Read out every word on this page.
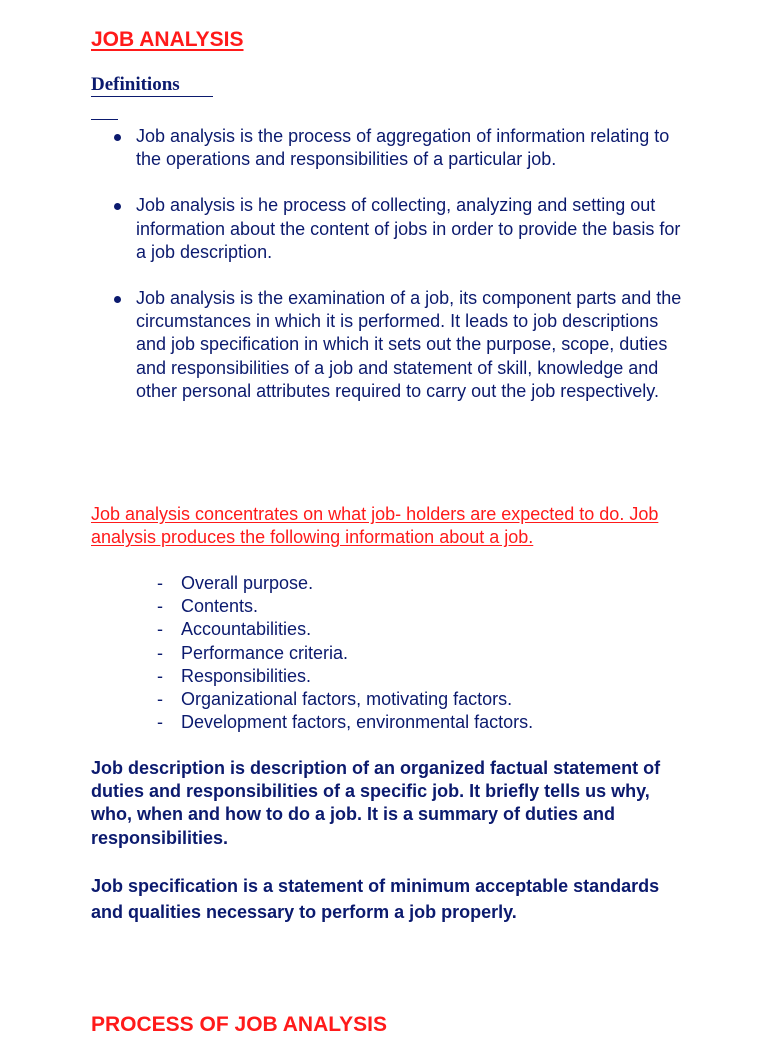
JOB ANALYSIS
Definitions
Job analysis is the process of aggregation of information relating to the operations and responsibilities of a particular job.
Job analysis is he process of collecting, analyzing and setting out information about the content of jobs in order to provide the basis for a job description.
Job analysis is the examination of a job, its component parts and the circumstances in which it is performed. It leads to job descriptions and job specification in which it sets out the purpose, scope, duties and responsibilities of a job and statement of skill, knowledge and other personal attributes required to carry out the job respectively.

Job analysis concentrates on what job- holders are expected to do. Job analysis produces the following information about a job.

- Overall purpose.
- Contents.
- Accountabilities.
- Performance criteria.
- Responsibilities.
- Organizational factors, motivating factors.
- Development factors, environmental factors.

Job description is description of an organized factual statement of duties and responsibilities of a specific job. It briefly tells us why, who, when and how to do a job. It is a summary of duties and responsibilities.

Job specification is a statement of minimum acceptable standards and qualities necessary to perform a job properly.

PROCESS OF JOB ANALYSIS
